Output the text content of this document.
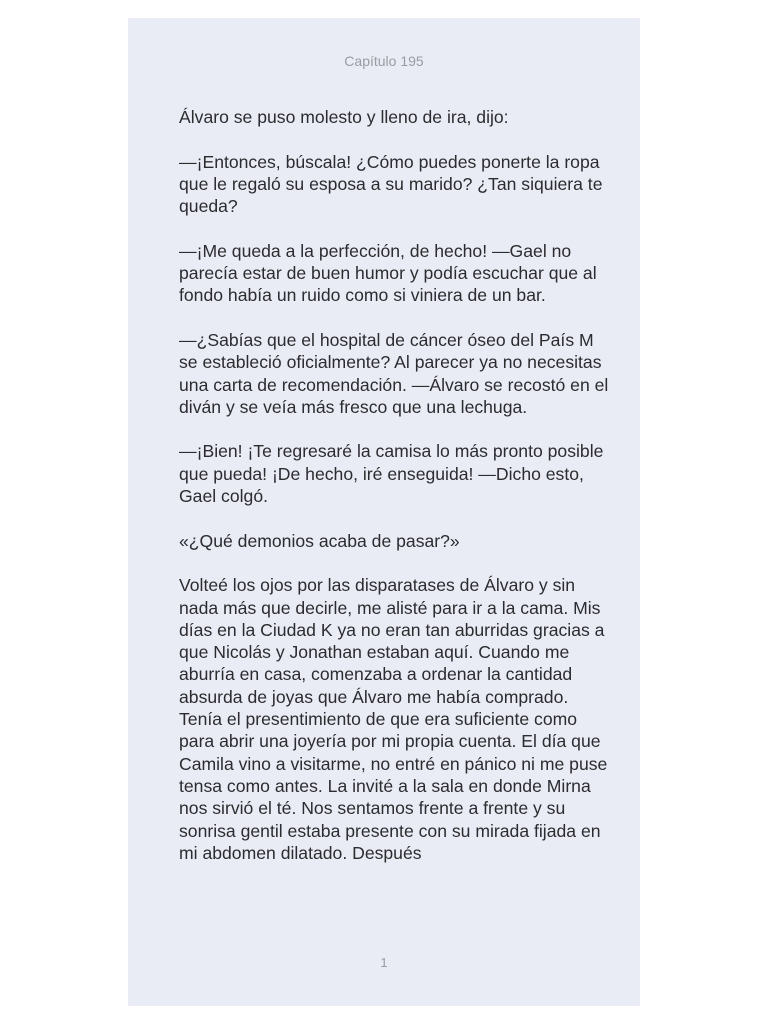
Capítulo 195

Álvaro se puso molesto y lleno de ira, dijo:

—¡Entonces, búscala! ¿Cómo puedes ponerte la ropa que le regaló su esposa a su marido? ¿Tan siquiera te queda?

—¡Me queda a la perfección, de hecho! —Gael no parecía estar de buen humor y podía escuchar que al fondo había un ruido como si viniera de un bar.

—¿Sabías que el hospital de cáncer óseo del País M se estableció oficialmente? Al parecer ya no necesitas una carta de recomendación. —Álvaro se recostó en el diván y se veía más fresco que una lechuga.

—¡Bien! ¡Te regresaré la camisa lo más pronto posible que pueda! ¡De hecho, iré enseguida! —Dicho esto, Gael colgó.

«¿Qué demonios acaba de pasar?»

Volteé los ojos por las disparatases de Álvaro y sin nada más que decirle, me alisté para ir a la cama. Mis días en la Ciudad K ya no eran tan aburridas gracias a que Nicolás y Jonathan estaban aquí. Cuando me aburría en casa, comenzaba a ordenar la cantidad absurda de joyas que Álvaro me había comprado. Tenía el presentimiento de que era suficiente como para abrir una joyería por mi propia cuenta. El día que Camila vino a visitarme, no entré en pánico ni me puse tensa como antes. La invité a la sala en donde Mirna nos sirvió el té. Nos sentamos frente a frente y su sonrisa gentil estaba presente con su mirada fijada en mi abdomen dilatado. Después

1
